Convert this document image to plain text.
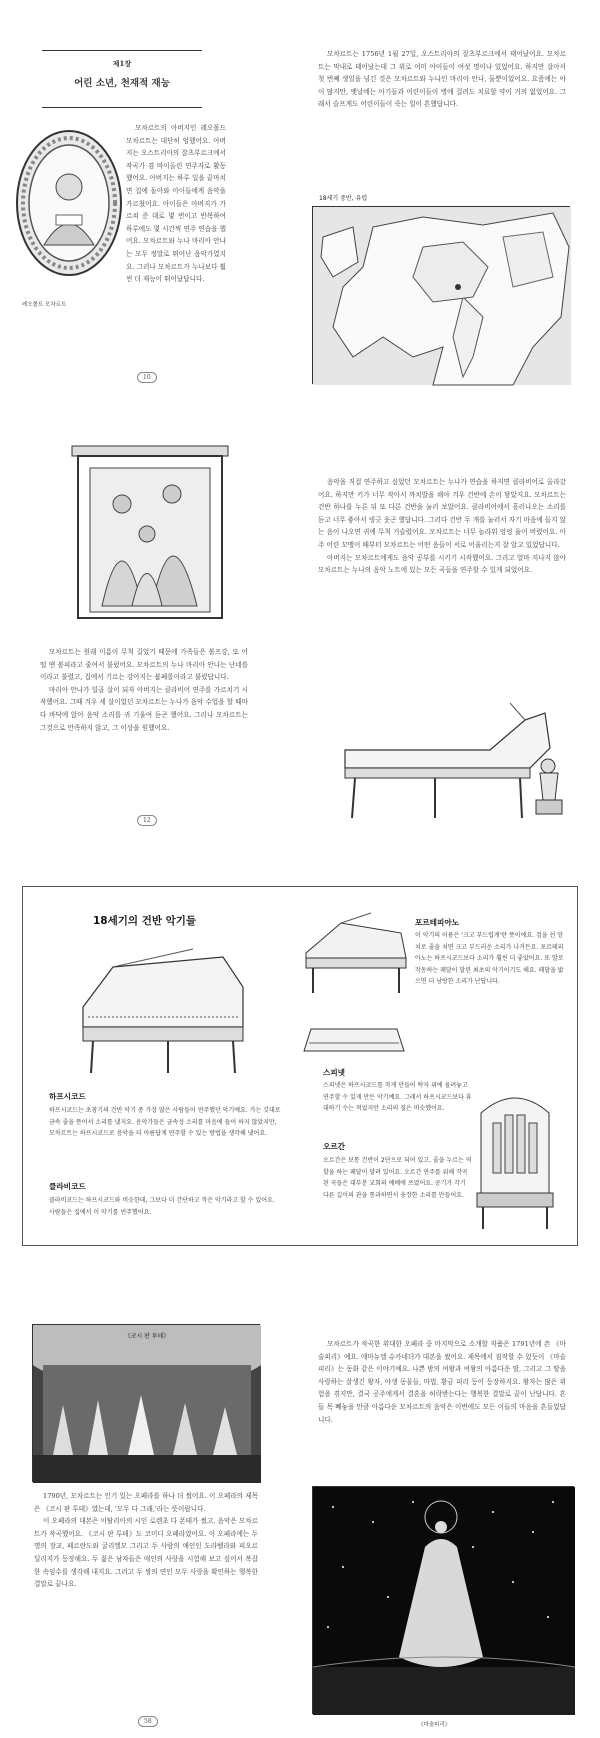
제1장
어린 소년, 천재적 재능
레오폴트 모차르트

모차르트의 아버지인 레오폴드 모차르트는 대단히 엄했어요. 아버지는 오스트리아의 잘츠부르크에서 작곡가 겸 바이올린 연주자로 활동했어요. 아버지는 하루 일을 끝마치면 집에 돌아와 아이들에게 음악을 가르쳤어요. 아이들은 아버지가 가르쳐 준 대로 몇 번이고 반복하여 하루에도 몇 시간씩 연주 연습을 했어요. 모차르트와 누나 마리아 안나는 모두 정말로 뛰어난 음악가였지요. 그러나 모차르트가 누나보다 훨씬 더 재능이 뛰어났답니다.

10

모차르트는 1756년 1월 27일, 오스트리아의 잘츠부르크에서 태어났어요. 모차르트는 막내로 태어났는데 그 위로 어미 아이들이 여섯 명이나 있었어요. 하지만 살아서 첫 번째 생일을 넘긴 것은 모차르트와 누나인 마리아 안나, 둘뿐이었어요. 요즘에는 아이 많지만, 옛날에는 아기들과 어린이들이 병에 걸려도 치료할 약이 거의 없었어요. 그래서 슬프게도 어린이들이 죽는 일이 흔했답니다.

18세기 중반, 유럽

모차르트는 원래 이름이 무척 길었기 때문에 가족들은 볼프강, 또 어떨 땐 볼피라고 줄여서 불렀어요. 모차르트의 누나 마리아 안나는 난네를이라고 불렸고, 집에서 기르는 강아지는 붐페를이라고 불렸답니다.

마리아 안나가 일곱 살이 되자 아버지는 클라비어 연주를 가르치기 시작했어요. 그때 겨우 세 살이었던 모차르트는 누나가 음악 수업을 할 때마다 바닥에 앉아 음악 소리를 귀 기울여 듣곤 했어요. 그러나 모차르트는 그것으로 만족하지 않고, 그 이상을 원했어요.

12

음악을 직접 연주하고 싶었던 모차르트는 누나가 연습을 하지면 클라비어로 올라갔어요. 하지만 키가 너무 작아서 까치발을 해야 겨우 건반에 손이 닿았지요. 모차르트는 건반 하나를 누른 뒤 또 다른 건반을 눌러 보았어요. 클라비어에서 흘러나오는 소리를 듣고 너무 좋아서 빙긋 웃곤 했답니다. 그러다 건반 두 개를 눌러서 자기 마음에 들지 않는 음이 나오면 귀에 무척 거슬렸어요. 모차르트는 너무 놀라워 엉엉 울어 버렸어요. 아주 어린 꼬맹이 때부터 모차르트는 어떤 음들이 서로 어울리는지 잘 알고 있었답니다.

아버지는 모차르트에게도 음악 공부를 시키기 시작했어요. 그리고 얼마 지나지 않아 모차르트는 누나의 음악 노트에 있는 모든 곡들을 연주할 수 있게 되었어요.

18세기의 건반 악기들
하프시코드
하프시코드는 초창기의 건반 악기 중 가장 많은 사람들이 연주했던 악기예요. 가는 깃대로 금속 줄을 뜯어서 소리를 냈지요. 음악가들은 금속성 소리를 마음에 들어 하지 않았지만, 모차르트는 하프시코드로 음악을 더 아름답게 연주할 수 있는 방법을 생각해 냈어요.
클라비코드
클라비코드는 하프시코드와 비슷한데, 그보다 더 간단하고 작은 악기라고 할 수 있어요. 사람들은 집에서 이 악기를 연주했어요.
포르테피아노
이 악기의 이름은 '크고 부드럽게'란 뜻이에요. 검을 쉰 망치로 줄을 치면 크고 부드러운 소리가 나거든요. 포르테피아노는 하프시코드보다 소리가 훨씬 더 좋았어요. 또 발로 작동하는 페달이 달린 최초의 악기이기도 해요. 페달을 밟으면 더 낭랑한 소리가 난답니다.
스피넷
스피넷은 하프시코드를 작게 만들어 탁자 위에 올려놓고 연주할 수 있게 만든 악기예요. 그래서 하프시코드보다 휴대하기 수는 적었지만 소리의 질은 비슷했어요.
오르간
오르간은 보통 건반이 2단으로 되어 있고, 줄을 누르는 역할을 하는 페달이 달려 있어요. 오르간 연주를 위해 작곡된 곡들은 대부분 교회의 예배에 쓰였어요. 공기가 각기 다른 길이의 관을 통과하면서 웅장한 소리를 만들어요.
《코시 판 투테》

1790년, 모차르트는 인기 있는 오페라를 하나 더 썼어요. 이 오페라의 제목은 《코시 판 투테》였는데, '모두 다 그래,'라는 뜻이랍니다.

이 오페라의 대본은 이탈리아의 시인 로렌초 다 폰테가 썼고, 음악은 모차르트가 작곡했어요. 《코시 판 투테》도 코미디 오페라였어요. 이 오페라에는 두 명의 장교, 페르란도와 굴리엘모 그리고 두 사람의 애인인 도라벨라와 피오르딜리지가 등장해요. 두 젊은 남자들은 애인의 사랑을 시험해 보고 싶어서 복잡한 속임수를 생각해 내지요. 그러고 두 쌍의 연인 모두 사랑을 확인하는 행복한 결말로 끝나요.

58

모차르트가 작곡한 위대한 오페라 중 마지막으로 소개할 작품은 1791년에 쓴 《마술피리》예요. 에마뉴엘 슈카네더가 대본을 썼어요. 제목에서 짐작할 수 있듯이 《마술피리》는 동화 같은 이야기예요. 나쁜 밤의 여왕과 여왕의 아름다운 딸, 그리고 그 딸을 사랑하는 잘생긴 왕자, 야생 동물들, 마법, 황금 피리 등이 등장하지요. 왕자는 많은 위험을 겪지만, 결국 공주에게서 결혼을 허락받는다는 행복한 결말로 끝이 난답니다. 흔들 목 빼놓을 만큼 아름다운 모차르트의 음악은 이번에도 모든 이들의 마음을 흔들었답니다.

《마술피리》
